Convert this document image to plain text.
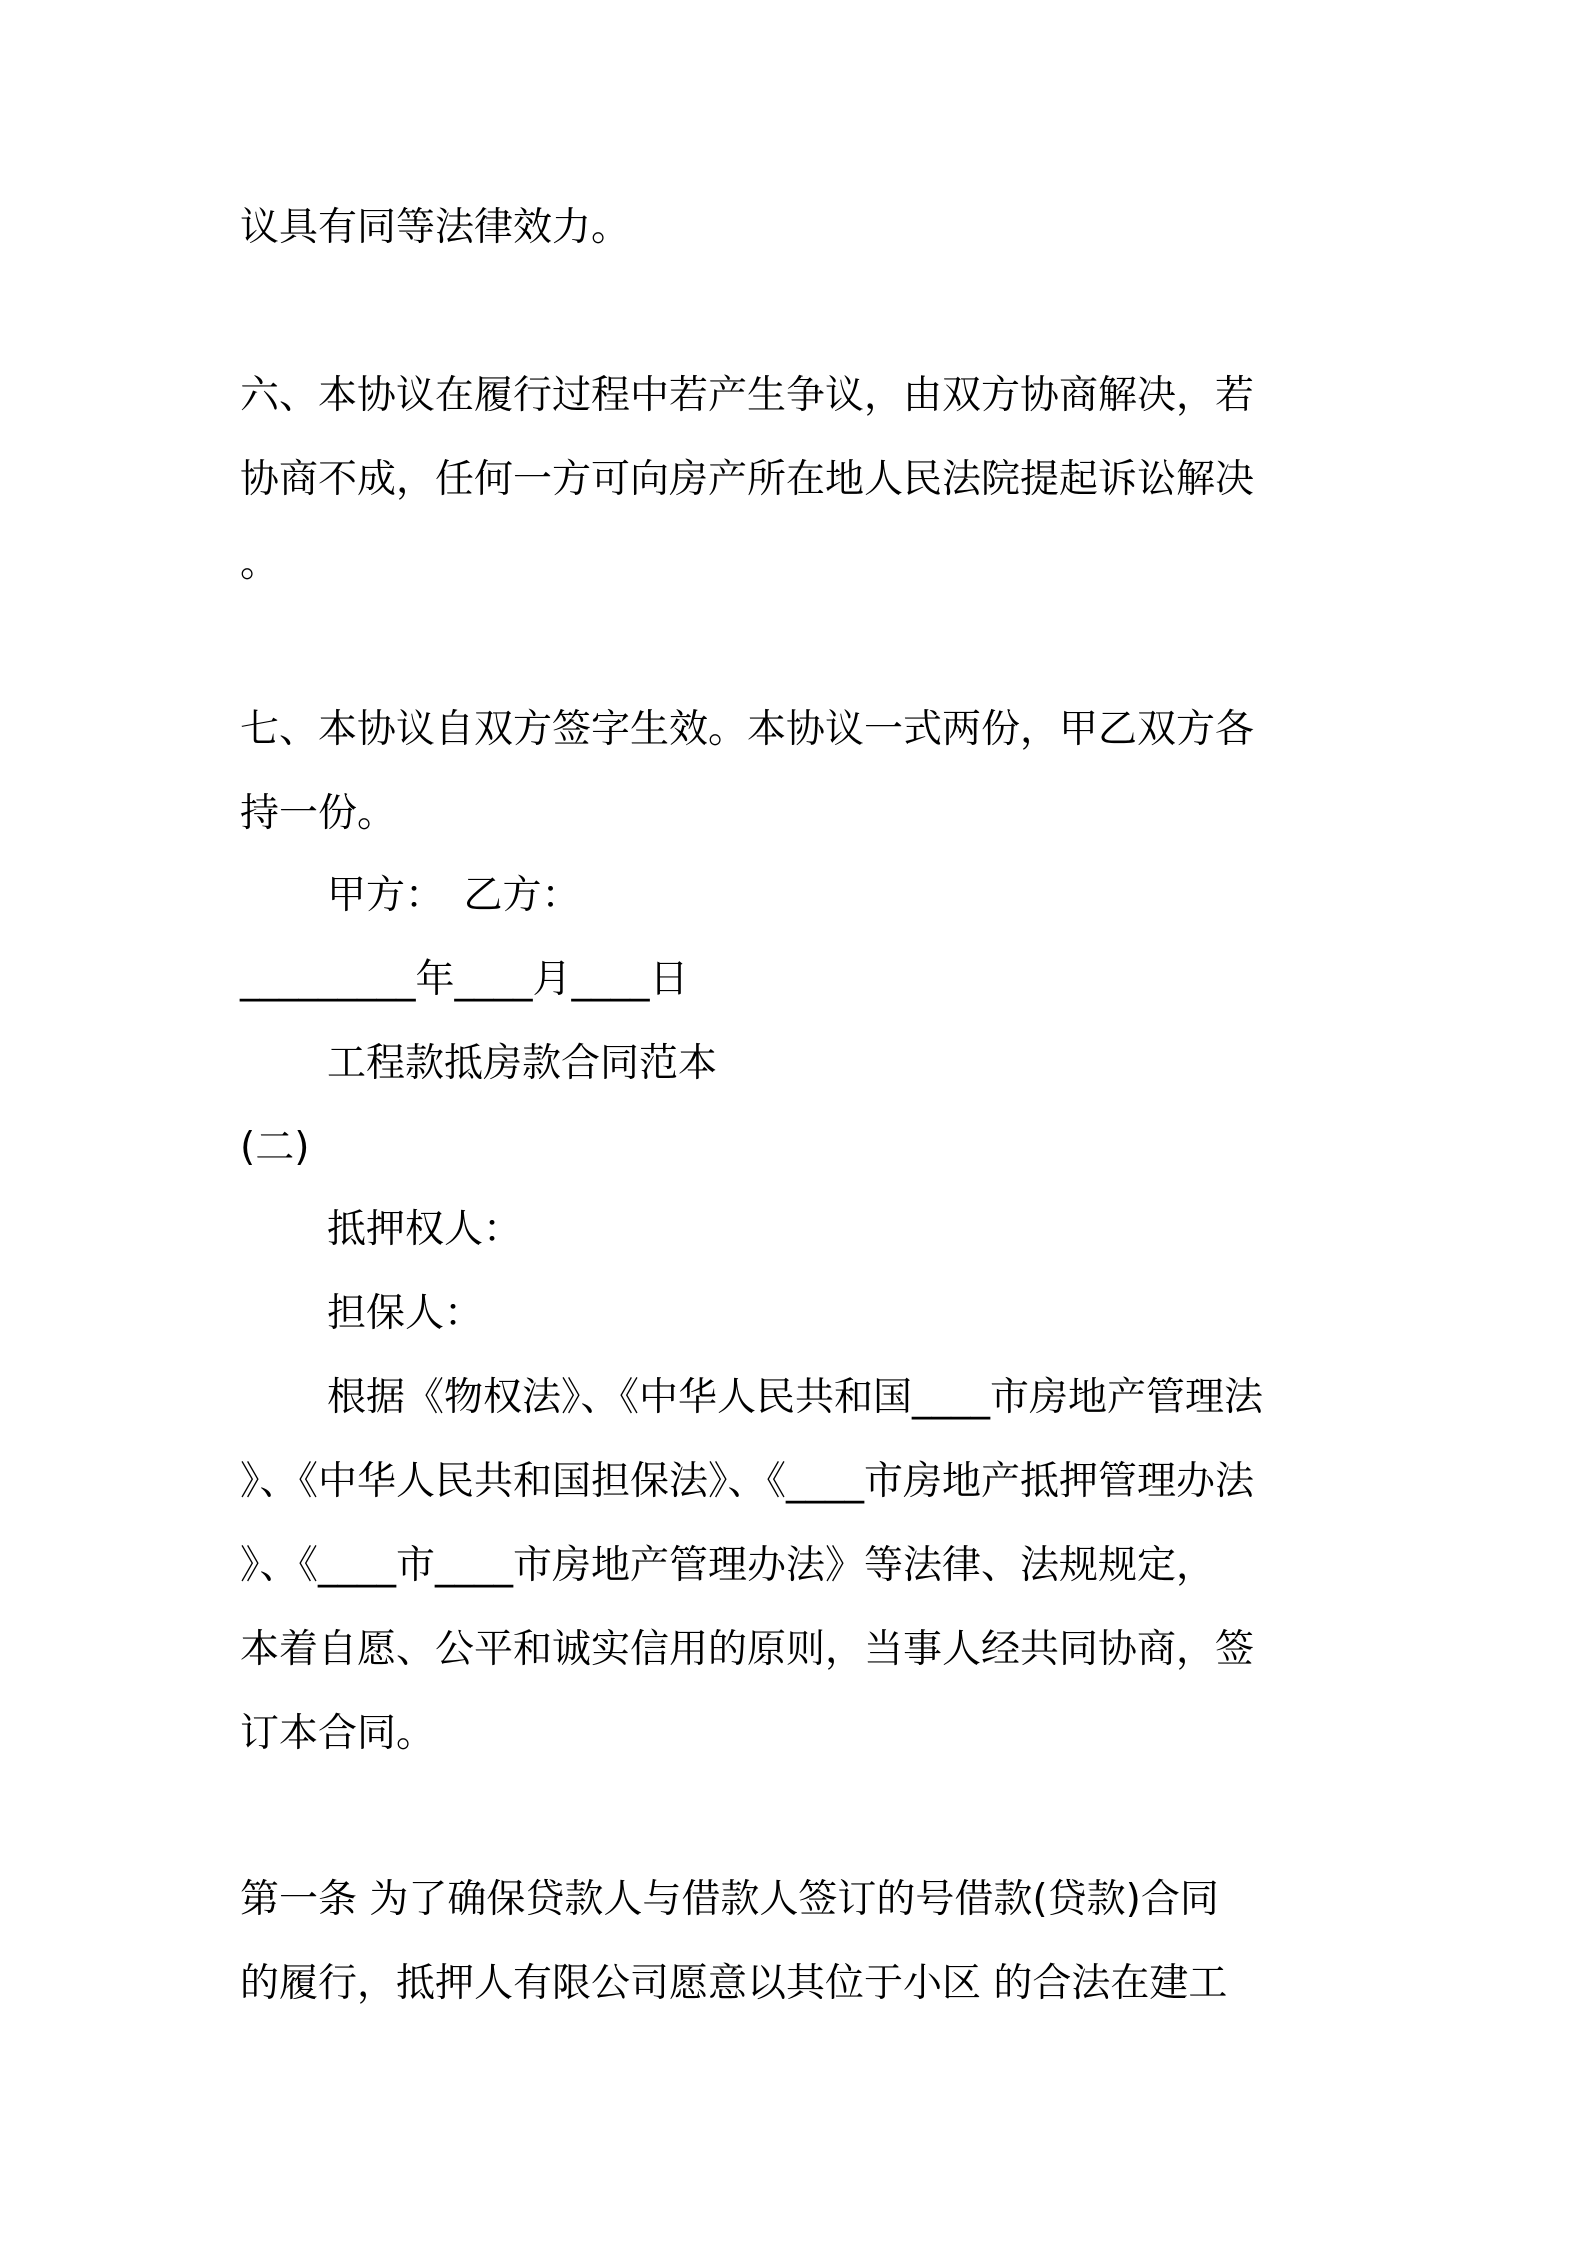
议具有同等法律效力。
六、本协议在履行过程中若产生争议，由双方协商解决，若
协商不成，任何一方可向房产所在地人民法院提起诉讼解决
。
七、本协议自双方签字生效。本协议一式两份，甲乙双方各
持一份。
甲方：　乙方：
_________年____月____日
工程款抵房款合同范本
(二)
抵押权人：
担保人：
根据《物权法》、《中华人民共和国____市房地产管理法
》、《中华人民共和国担保法》、《____市房地产抵押管理办法
》、《____市____市房地产管理办法》等法律、法规规定，
本着自愿、公平和诚实信用的原则，当事人经共同协商，签
订本合同。
第一条 为了确保贷款人与借款人签订的号借款(贷款)合同
的履行，抵押人有限公司愿意以其位于小区 的合法在建工
